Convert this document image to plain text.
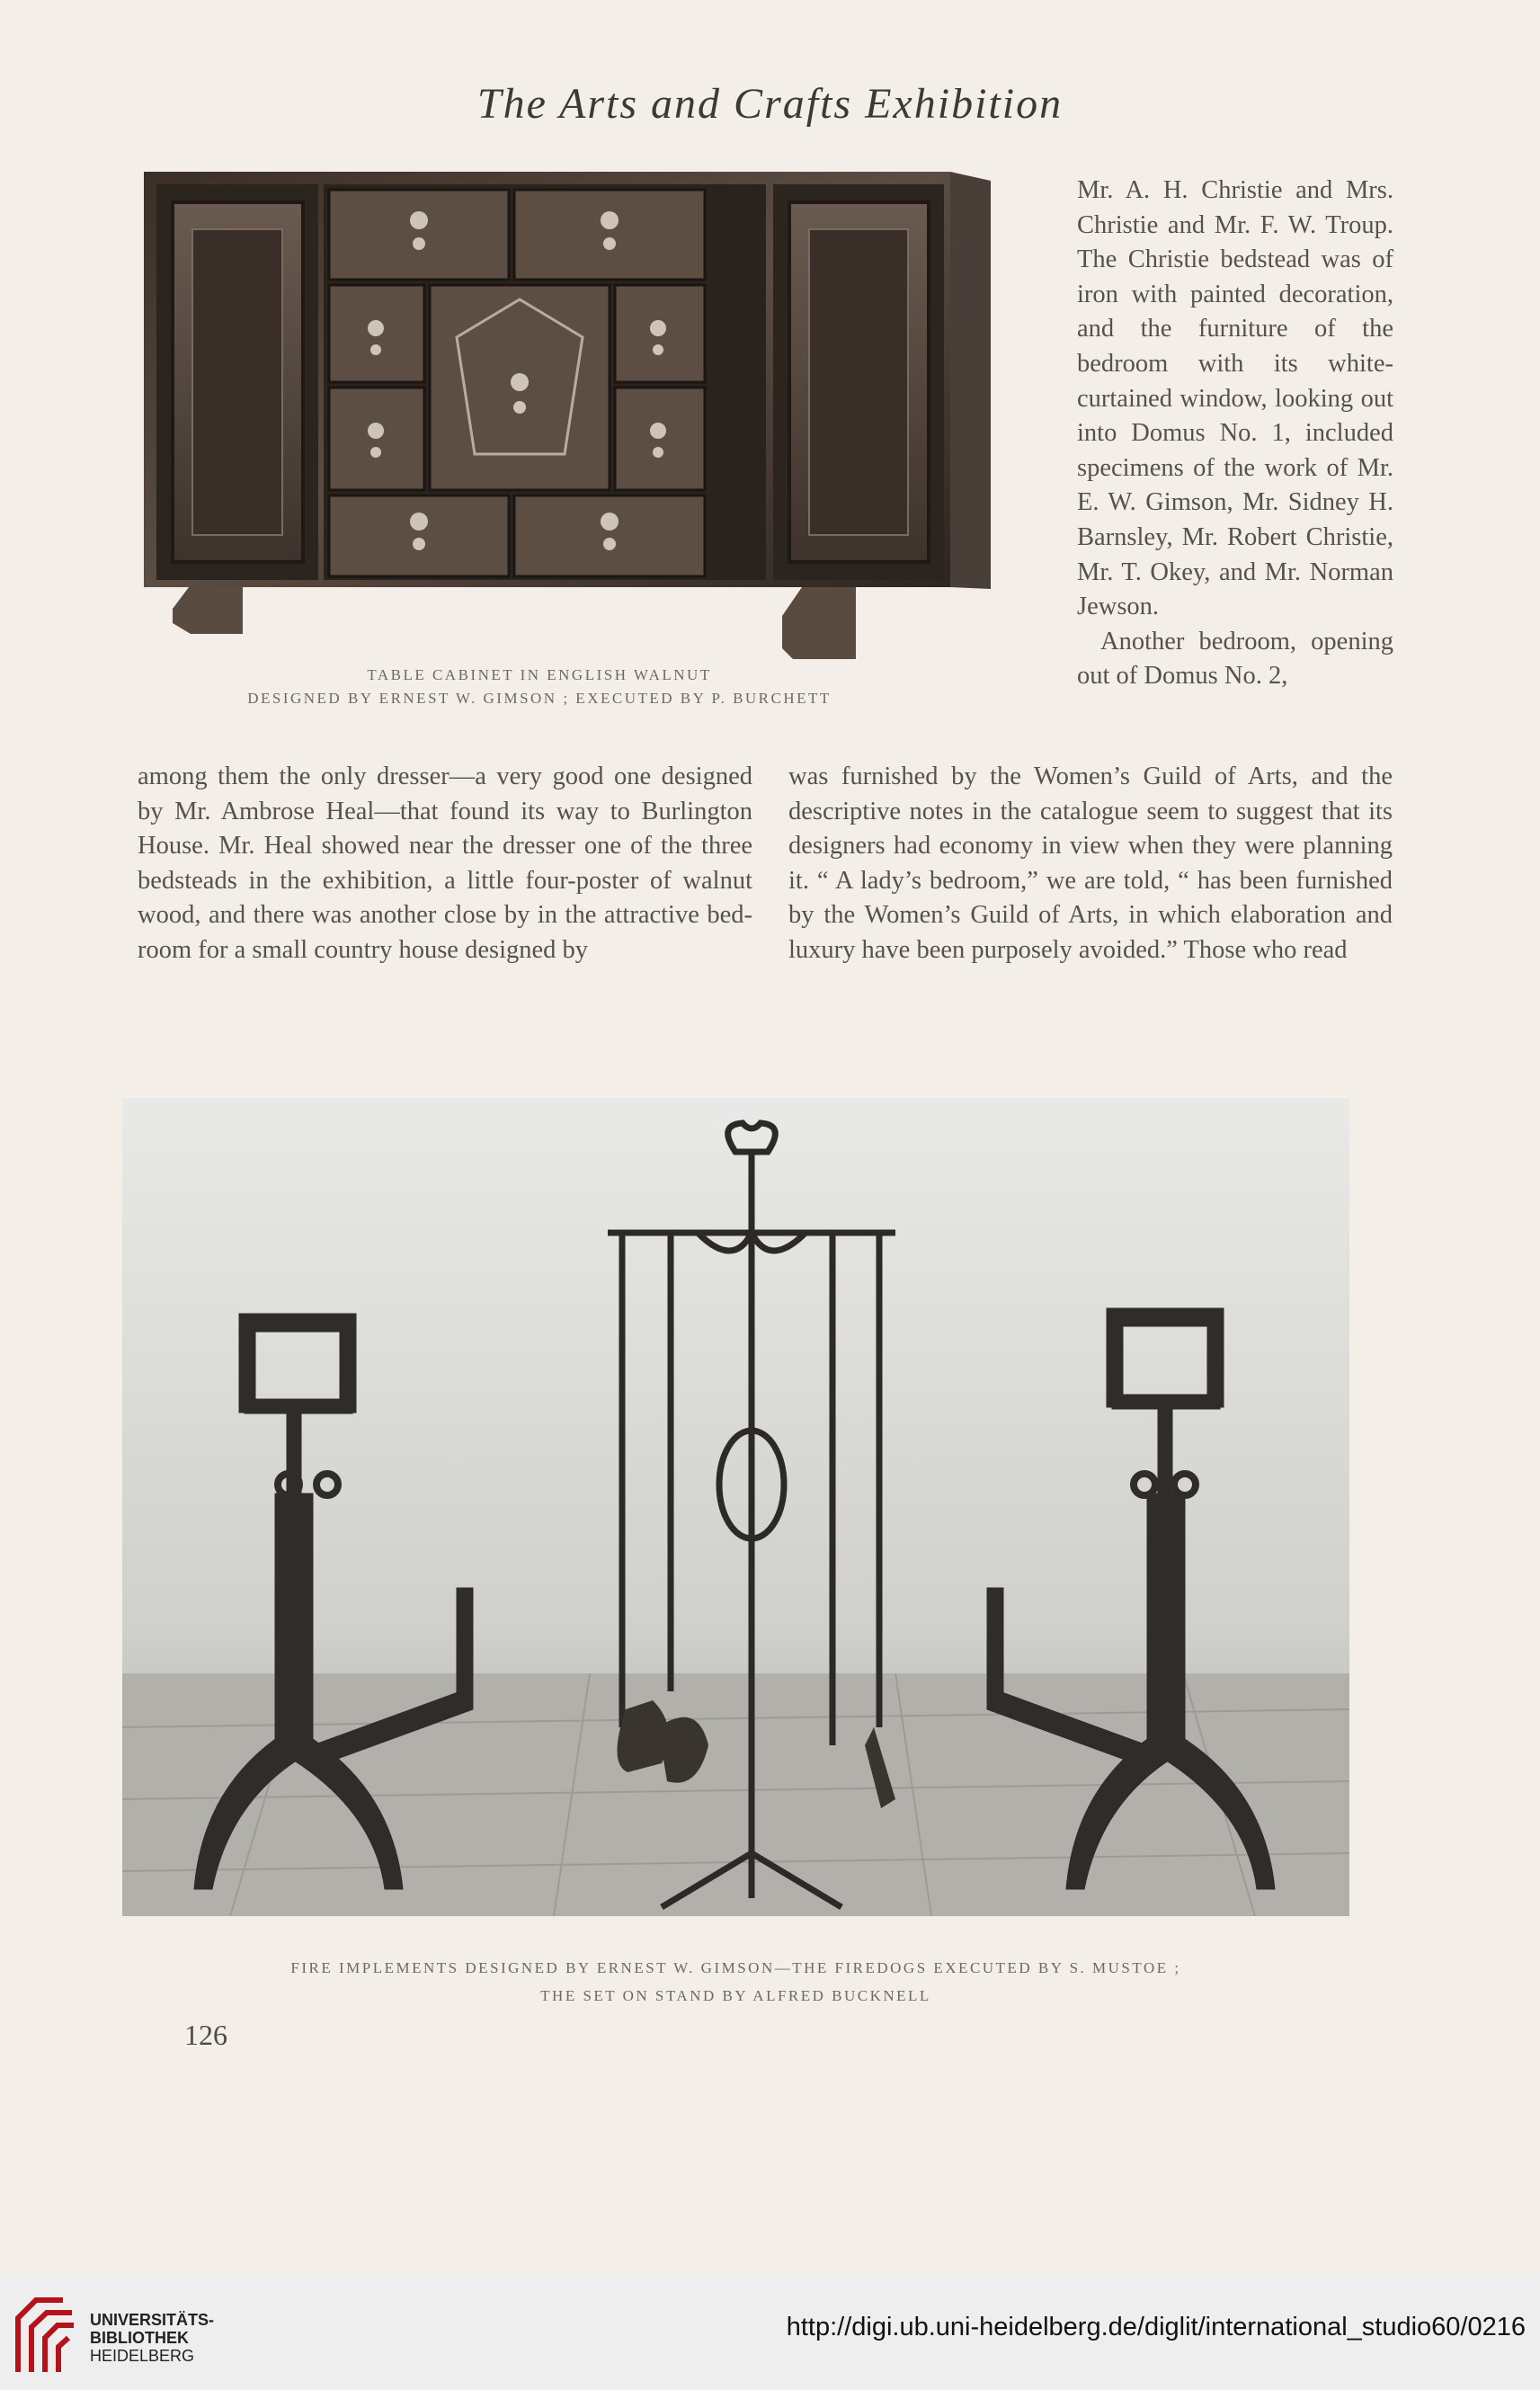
The Arts and Crafts Exhibition
TABLE CABINET IN ENGLISH WALNUT
DESIGNED BY ERNEST W. GIMSON ; EXECUTED BY P. BURCHETT

Mr. A. H. Christie and Mrs. Christie and Mr. F. W. Troup. The Christie bedstead was of iron with painted decoration, and the furniture of the bedroom with its white-curtained window, looking out into Domus No. 1, included specimens of the work of Mr. E. W. Gimson, Mr. Sidney H. Barnsley, Mr. Robert Christie, Mr. T. Okey, and Mr. Norman Jewson.

Another bedroom, opening out of Domus No. 2,

among them the only dresser—a very good one designed by Mr. Ambrose Heal—that found its way to Burlington House. Mr. Heal showed near the dresser one of the three bedsteads in the exhibition, a little four-poster of walnut wood, and there was another close by in the attractive bed-room for a small country house designed by

was furnished by the Women’s Guild of Arts, and the descriptive notes in the catalogue seem to suggest that its designers had economy in view when they were planning it. “ A lady’s bedroom,” we are told, “ has been furnished by the Women’s Guild of Arts, in which elaboration and luxury have been purposely avoided.” Those who read

FIRE IMPLEMENTS DESIGNED BY ERNEST W. GIMSON—THE FIREDOGS EXECUTED BY S. MUSTOE ;
THE SET ON STAND BY ALFRED BUCKNELL
126
UNIVERSITÄTS-
BIBLIOTHEK
HEIDELBERG
http://digi.ub.uni-heidelberg.de/diglit/international_studio60/0216
